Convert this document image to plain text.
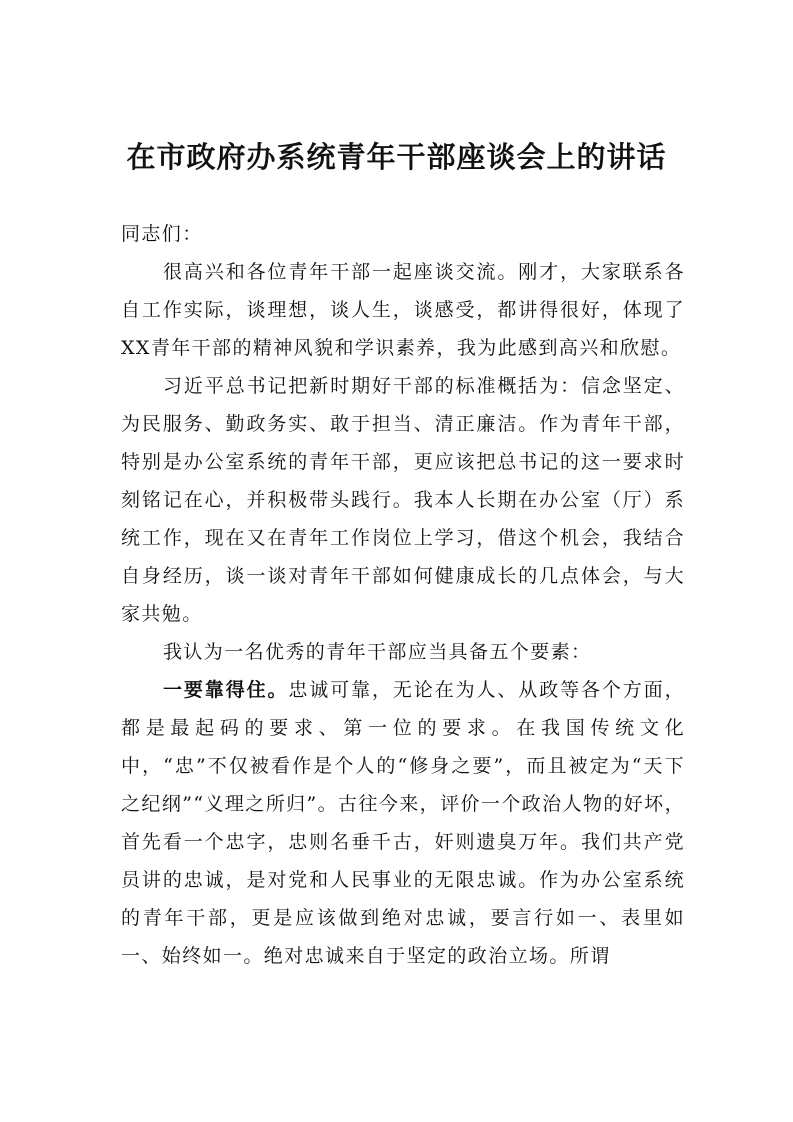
在市政府办系统青年干部座谈会上的讲话

同志们：

很高兴和各位青年干部一起座谈交流。刚才，大家联系各自工作实际，谈理想，谈人生，谈感受，都讲得很好，体现了XX青年干部的精神风貌和学识素养，我为此感到高兴和欣慰。

习近平总书记把新时期好干部的标准概括为：信念坚定、为民服务、勤政务实、敢于担当、清正廉洁。作为青年干部，特别是办公室系统的青年干部，更应该把总书记的这一要求时刻铭记在心，并积极带头践行。我本人长期在办公室（厅）系统工作，现在又在青年工作岗位上学习，借这个机会，我结合自身经历，谈一谈对青年干部如何健康成长的几点体会，与大家共勉。

我认为一名优秀的青年干部应当具备五个要素：

一要靠得住。忠诚可靠，无论在为人、从政等各个方面，都是最起码的要求、第一位的要求。在我国传统文化中，“忠”不仅被看作是个人的“修身之要”，而且被定为“天下之纪纲”“义理之所归”。古往今来，评价一个政治人物的好坏，首先看一个忠字，忠则名垂千古，奸则遗臭万年。我们共产党员讲的忠诚，是对党和人民事业的无限忠诚。作为办公室系统的青年干部，更是应该做到绝对忠诚，要言行如一、表里如一、始终如一。绝对忠诚来自于坚定的政治立场。所谓
